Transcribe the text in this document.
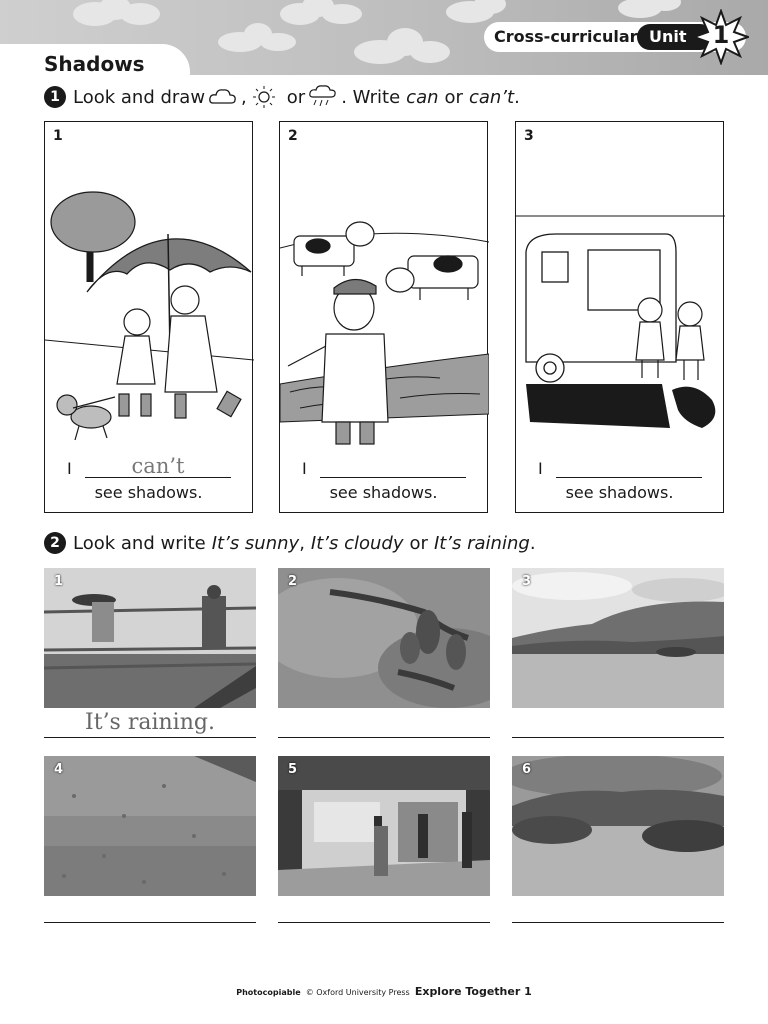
Shadows
Cross-curricular Unit 1
1 Look and draw , or . Write can or can’t .
1
I	can’t
see shadows.
2
I
see shadows.
3
I
see shadows.
2 Look and write It’s sunny , It’s cloudy or It’s raining .
1
It’s raining.
2	3
4	5	6
Photocopiable © Oxford University Press Explore Together 1
